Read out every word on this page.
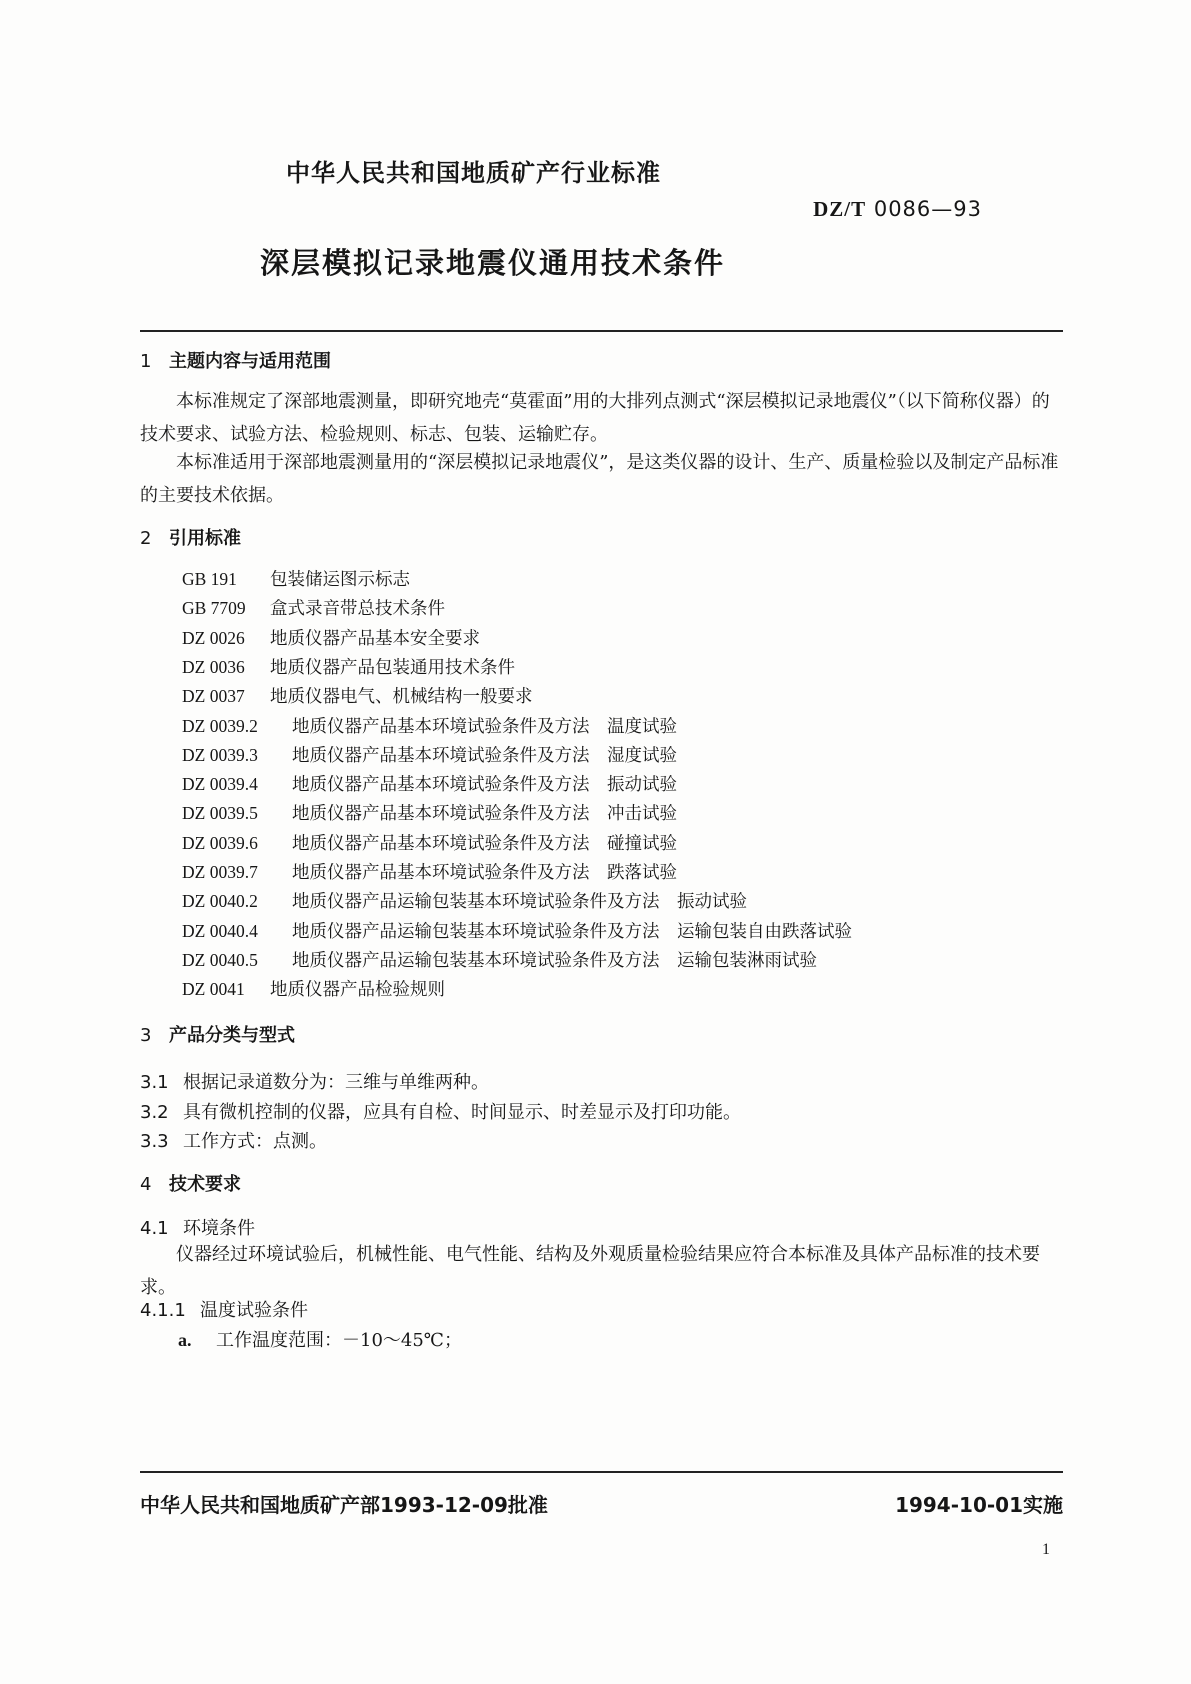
中华人民共和国地质矿产行业标准
DZ/T 0086—93
深层模拟记录地震仪通用技术条件
1 主题内容与适用范围
本标准规定了深部地震测量，即研究地壳“莫霍面”用的大排列点测式“深层模拟记录地震仪”（以下简称仪器）的技术要求、试验方法、检验规则、标志、包装、运输贮存。
本标准适用于深部地震测量用的“深层模拟记录地震仪”，是这类仪器的设计、生产、质量检验以及制定产品标准的主要技术依据。
2 引用标准
GB 191 包装储运图示标志
GB 7709 盒式录音带总技术条件
DZ 0026 地质仪器产品基本安全要求
DZ 0036 地质仪器产品包装通用技术条件
DZ 0037 地质仪器电气、机械结构一般要求
DZ 0039.2 地质仪器产品基本环境试验条件及方法　温度试验
DZ 0039.3 地质仪器产品基本环境试验条件及方法　湿度试验
DZ 0039.4 地质仪器产品基本环境试验条件及方法　振动试验
DZ 0039.5 地质仪器产品基本环境试验条件及方法　冲击试验
DZ 0039.6 地质仪器产品基本环境试验条件及方法　碰撞试验
DZ 0039.7 地质仪器产品基本环境试验条件及方法　跌落试验
DZ 0040.2 地质仪器产品运输包装基本环境试验条件及方法　振动试验
DZ 0040.4 地质仪器产品运输包装基本环境试验条件及方法　运输包装自由跌落试验
DZ 0040.5 地质仪器产品运输包装基本环境试验条件及方法　运输包装淋雨试验
DZ 0041 地质仪器产品检验规则
3 产品分类与型式
3.1 根据记录道数分为：三维与单维两种。
3.2 具有微机控制的仪器，应具有自检、时间显示、时差显示及打印功能。
3.3 工作方式：点测。
4 技术要求
4.1 环境条件
仪器经过环境试验后，机械性能、电气性能、结构及外观质量检验结果应符合本标准及具体产品标准的技术要求。
4.1.1 温度试验条件
a. 工作温度范围：－10～45℃；
中华人民共和国地质矿产部1993-12-09批准	1994-10-01实施
1
